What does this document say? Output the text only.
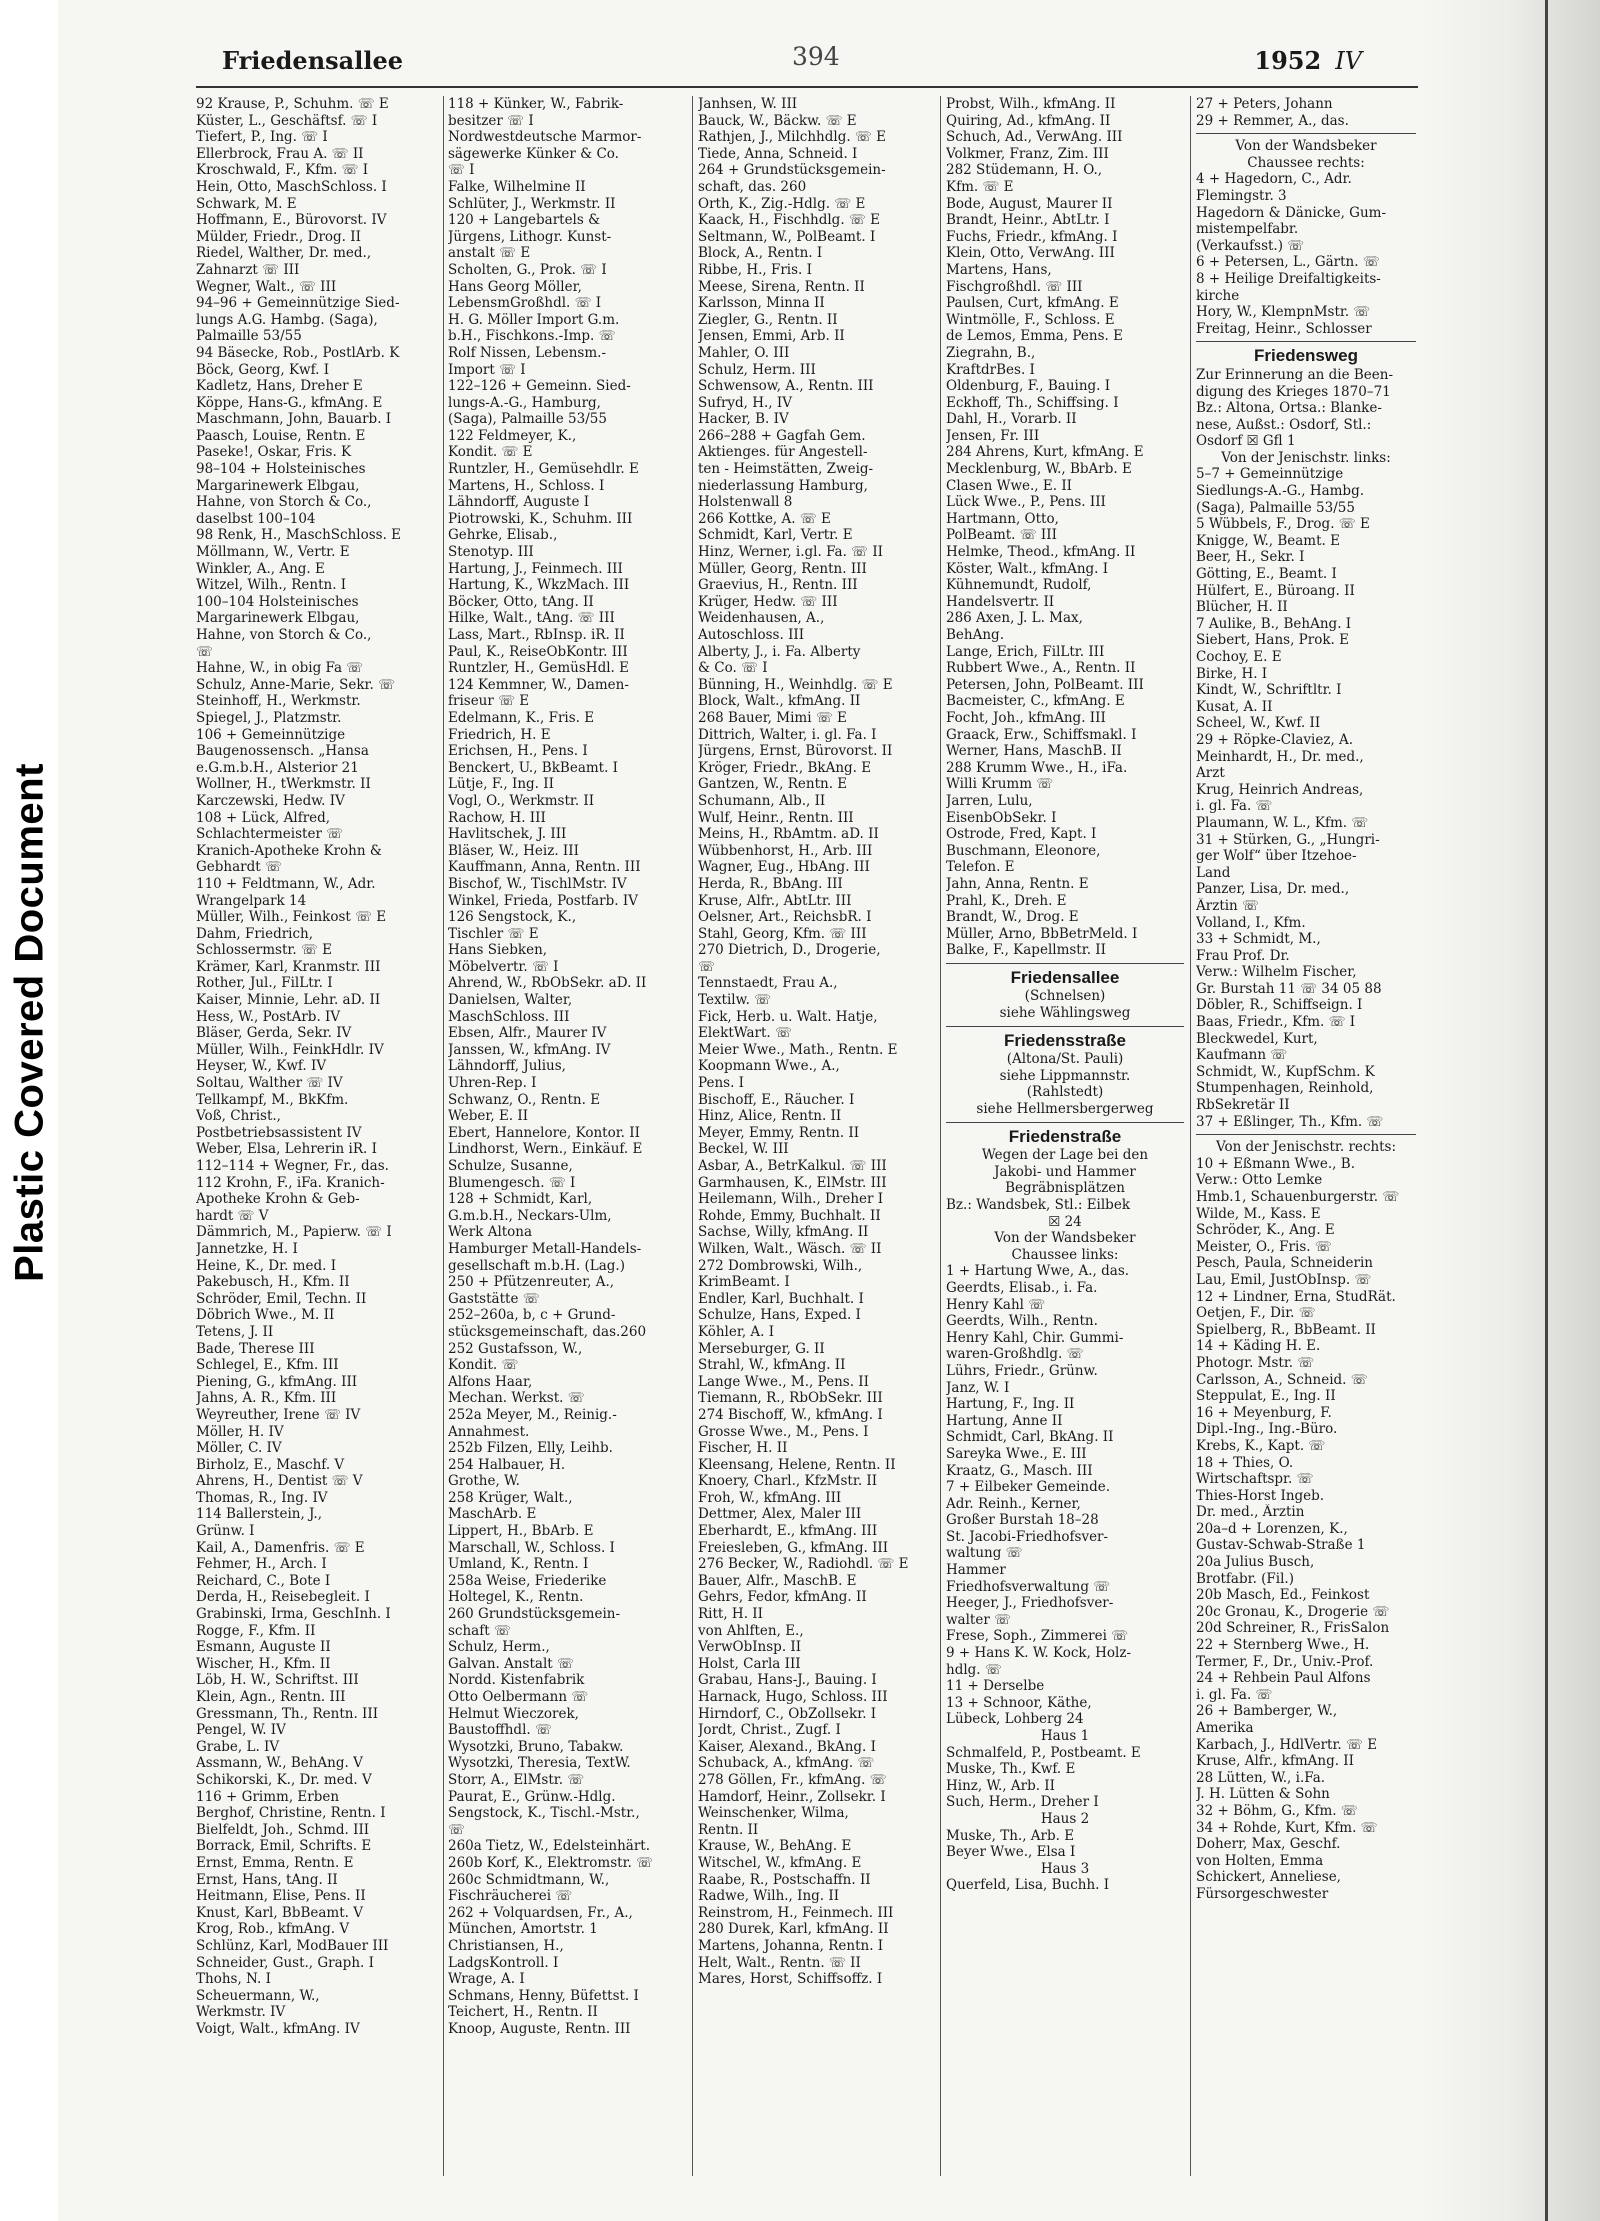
Plastic Covered Document
Friedensallee	394	1952 IV
92 Krause, P., Schuhm. ☏ E
Küster, L., Geschäftsf. ☏ I
Tiefert, P., Ing. ☏ I
Ellerbrock, Frau A. ☏ II
Kroschwald, F., Kfm. ☏ I
Hein, Otto, MaschSchloss. I
Schwark, M. E
Hoffmann, E., Bürovorst. IV
Mülder, Friedr., Drog. II
Riedel, Walther, Dr. med.,
Zahnarzt ☏ III
Wegner, Walt., ☏ III
94–96 + Gemeinnützige Sied-
lungs A.G. Hambg. (Saga),
Palmaille 53/55
94 Bäsecke, Rob., PostlArb. K
Böck, Georg, Kwf. I
Kadletz, Hans, Dreher E
Köppe, Hans-G., kfmAng. E
Maschmann, John, Bauarb. I
Paasch, Louise, Rentn. E
Paseke!, Oskar, Fris. K
98–104 + Holsteinisches
Margarinewerk Elbgau,
Hahne, von Storch & Co.,
daselbst 100–104
98 Renk, H., MaschSchloss. E
Möllmann, W., Vertr. E
Winkler, A., Ang. E
Witzel, Wilh., Rentn. I
100–104 Holsteinisches
Margarinewerk Elbgau,
Hahne, von Storch & Co.,
☏
Hahne, W., in obig Fa ☏
Schulz, Anne-Marie, Sekr. ☏
Steinhoff, H., Werkmstr.
Spiegel, J., Platzmstr.
106 + Gemeinnützige
Baugenossensch. „Hansa
e.G.m.b.H., Alsterior 21
Wollner, H., tWerkmstr. II
Karczewski, Hedw. IV
108 + Lück, Alfred,
Schlachtermeister ☏
Kranich-Apotheke Krohn &
Gebhardt ☏
110 + Feldtmann, W., Adr.
Wrangelpark 14
Müller, Wilh., Feinkost ☏ E
Dahm, Friedrich,
Schlossermstr. ☏ E
Krämer, Karl, Kranmstr. III
Rother, Jul., FilLtr. I
Kaiser, Minnie, Lehr. aD. II
Hess, W., PostArb. IV
Bläser, Gerda, Sekr. IV
Müller, Wilh., FeinkHdlr. IV
Heyser, W., Kwf. IV
Soltau, Walther ☏ IV
Tellkampf, M., BkKfm.
Voß, Christ.,
Postbetriebsassistent IV
Weber, Elsa, Lehrerin iR. I
112–114 + Wegner, Fr., das.
112 Krohn, F., iFa. Kranich-
Apotheke Krohn & Geb-
hardt ☏ V
Dämmrich, M., Papierw. ☏ I
Jannetzke, H. I
Heine, K., Dr. med. I
Pakebusch, H., Kfm. II
Schröder, Emil, Techn. II
Döbrich Wwe., M. II
Tetens, J. II
Bade, Therese III
Schlegel, E., Kfm. III
Piening, G., kfmAng. III
Jahns, A. R., Kfm. III
Weyreuther, Irene ☏ IV
Möller, H. IV
Möller, C. IV
Birholz, E., Maschf. V
Ahrens, H., Dentist ☏ V
Thomas, R., Ing. IV
114 Ballerstein, J.,
Grünw. I
Kail, A., Damenfris. ☏ E
Fehmer, H., Arch. I
Reichard, C., Bote I
Derda, H., Reisebegleit. I
Grabinski, Irma, GeschInh. I
Rogge, F., Kfm. II
Esmann, Auguste II
Wischer, H., Kfm. II
Löb, H. W., Schriftst. III
Klein, Agn., Rentn. III
Gressmann, Th., Rentn. III
Pengel, W. IV
Grabe, L. IV
Assmann, W., BehAng. V
Schikorski, K., Dr. med. V
116 + Grimm, Erben
Berghof, Christine, Rentn. I
Bielfeldt, Joh., Schmd. III
Borrack, Emil, Schrifts. E
Ernst, Emma, Rentn. E
Ernst, Hans, tAng. II
Heitmann, Elise, Pens. II
Knust, Karl, BbBeamt. V
Krog, Rob., kfmAng. V
Schlünz, Karl, ModBauer III
Schneider, Gust., Graph. I
Thohs, N. I
Scheuermann, W.,
Werkmstr. IV
Voigt, Walt., kfmAng. IV
118 + Künker, W., Fabrik-
besitzer ☏ I
Nordwestdeutsche Marmor-
sägewerke Künker & Co.
☏ I
Falke, Wilhelmine II
Schlüter, J., Werkmstr. II
120 + Langebartels &
Jürgens, Lithogr. Kunst-
anstalt ☏ E
Scholten, G., Prok. ☏ I
Hans Georg Möller,
LebensmGroßhdl. ☏ I
H. G. Möller Import G.m.
b.H., Fischkons.-Imp. ☏
Rolf Nissen, Lebensm.-
Import ☏ I
122–126 + Gemeinn. Sied-
lungs-A.-G., Hamburg,
(Saga), Palmaille 53/55
122 Feldmeyer, K.,
Kondit. ☏ E
Runtzler, H., Gemüsehdlr. E
Martens, H., Schloss. I
Lähndorff, Auguste I
Piotrowski, K., Schuhm. III
Gehrke, Elisab.,
Stenotyp. III
Hartung, J., Feinmech. III
Hartung, K., WkzMach. III
Böcker, Otto, tAng. II
Hilke, Walt., tAng. ☏ III
Lass, Mart., RbInsp. iR. II
Paul, K., ReiseObKontr. III
Runtzler, H., GemüsHdl. E
124 Kemmner, W., Damen-
friseur ☏ E
Edelmann, K., Fris. E
Friedrich, H. E
Erichsen, H., Pens. I
Benckert, U., BkBeamt. I
Lütje, F., Ing. II
Vogl, O., Werkmstr. II
Rachow, H. III
Havlitschek, J. III
Bläser, W., Heiz. III
Kauffmann, Anna, Rentn. III
Bischof, W., TischlMstr. IV
Winkel, Frieda, Postfarb. IV
126 Sengstock, K.,
Tischler ☏ E
Hans Siebken,
Möbelvertr. ☏ I
Ahrend, W., RbObSekr. aD. II
Danielsen, Walter,
MaschSchloss. III
Ebsen, Alfr., Maurer IV
Janssen, W., kfmAng. IV
Lähndorff, Julius,
Uhren-Rep. I
Schwanz, O., Rentn. E
Weber, E. II
Ebert, Hannelore, Kontor. II
Lindhorst, Wern., Einkäuf. E
Schulze, Susanne,
Blumengesch. ☏ I
128 + Schmidt, Karl,
G.m.b.H., Neckars-Ulm,
Werk Altona
Hamburger Metall-Handels-
gesellschaft m.b.H. (Lag.)
250 + Pfützenreuter, A.,
Gaststätte ☏
252–260a, b, c + Grund-
stücksgemeinschaft, das.260
252 Gustafsson, W.,
Kondit. ☏
Alfons Haar,
Mechan. Werkst. ☏
252a Meyer, M., Reinig.-
Annahmest.
252b Filzen, Elly, Leihb.
254 Halbauer, H.
Grothe, W.
258 Krüger, Walt.,
MaschArb. E
Lippert, H., BbArb. E
Marschall, W., Schloss. I
Umland, K., Rentn. I
258a Weise, Friederike
Holtegel, K., Rentn.
260 Grundstücksgemein-
schaft ☏
Schulz, Herm.,
Galvan. Anstalt ☏
Nordd. Kistenfabrik
Otto Oelbermann ☏
Helmut Wieczorek,
Baustoffhdl. ☏
Wysotzki, Bruno, Tabakw.
Wysotzki, Theresia, TextW.
Storr, A., ElMstr. ☏
Paurat, E., Grünw.-Hdlg.
Sengstock, K., Tischl.-Mstr.,
☏
260a Tietz, W., Edelsteinhärt.
260b Korf, K., Elektromstr. ☏
260c Schmidtmann, W.,
Fischräucherei ☏
262 + Volquardsen, Fr., A.,
München, Amortstr. 1
Christiansen, H.,
LadgsKontroll. I
Wrage, A. I
Schmans, Henny, Büfettst. I
Teichert, H., Rentn. II
Knoop, Auguste, Rentn. III
Janhsen, W. III
Bauck, W., Bäckw. ☏ E
Rathjen, J., Milchhdlg. ☏ E
Tiede, Anna, Schneid. I
264 + Grundstücksgemein-
schaft, das. 260
Orth, K., Zig.-Hdlg. ☏ E
Kaack, H., Fischhdlg. ☏ E
Seltmann, W., PolBeamt. I
Block, A., Rentn. I
Ribbe, H., Fris. I
Meese, Sirena, Rentn. II
Karlsson, Minna II
Ziegler, G., Rentn. II
Jensen, Emmi, Arb. II
Mahler, O. III
Schulz, Herm. III
Schwensow, A., Rentn. III
Sufryd, H., IV
Hacker, B. IV
266–288 + Gagfah Gem.
Aktienges. für Angestell-
ten - Heimstätten, Zweig-
niederlassung Hamburg,
Holstenwall 8
266 Kottke, A. ☏ E
Schmidt, Karl, Vertr. E
Hinz, Werner, i.gl. Fa. ☏ II
Müller, Georg, Rentn. III
Graevius, H., Rentn. III
Krüger, Hedw. ☏ III
Weidenhausen, A.,
Autoschloss. III
Alberty, J., i. Fa. Alberty
& Co. ☏ I
Bünning, H., Weinhdlg. ☏ E
Block, Walt., kfmAng. II
268 Bauer, Mimi ☏ E
Dittrich, Walter, i. gl. Fa. I
Jürgens, Ernst, Bürovorst. II
Kröger, Friedr., BkAng. E
Gantzen, W., Rentn. E
Schumann, Alb., II
Wulf, Heinr., Rentn. III
Meins, H., RbAmtm. aD. II
Wübbenhorst, H., Arb. III
Wagner, Eug., HbAng. III
Herda, R., BbAng. III
Kruse, Alfr., AbtLtr. III
Oelsner, Art., ReichsbR. I
Stahl, Georg, Kfm. ☏ III
270 Dietrich, D., Drogerie,
☏
Tennstaedt, Frau A.,
Textilw. ☏
Fick, Herb. u. Walt. Hatje,
ElektWart. ☏
Meier Wwe., Math., Rentn. E
Koopmann Wwe., A.,
Pens. I
Bischoff, E., Räucher. I
Hinz, Alice, Rentn. II
Meyer, Emmy, Rentn. II
Beckel, W. III
Asbar, A., BetrKalkul. ☏ III
Garmhausen, K., ElMstr. III
Heilemann, Wilh., Dreher I
Rohde, Emmy, Buchhalt. II
Sachse, Willy, kfmAng. II
Wilken, Walt., Wäsch. ☏ II
272 Dombrowski, Wilh.,
KrimBeamt. I
Endler, Karl, Buchhalt. I
Schulze, Hans, Exped. I
Köhler, A. I
Merseburger, G. II
Strahl, W., kfmAng. II
Lange Wwe., M., Pens. II
Tiemann, R., RbObSekr. III
274 Bischoff, W., kfmAng. I
Grosse Wwe., M., Pens. I
Fischer, H. II
Kleensang, Helene, Rentn. II
Knoery, Charl., KfzMstr. II
Froh, W., kfmAng. III
Dettmer, Alex, Maler III
Eberhardt, E., kfmAng. III
Freiesleben, G., kfmAng. III
276 Becker, W., Radiohdl. ☏ E
Bauer, Alfr., MaschB. E
Gehrs, Fedor, kfmAng. II
Ritt, H. II
von Ahlften, E.,
VerwObInsp. II
Holst, Carla III
Grabau, Hans-J., Bauing. I
Harnack, Hugo, Schloss. III
Hirndorf, C., ObZollsekr. I
Jordt, Christ., Zugf. I
Kaiser, Alexand., BkAng. I
Schuback, A., kfmAng. ☏
278 Göllen, Fr., kfmAng. ☏
Hamdorf, Heinr., Zollsekr. I
Weinschenker, Wilma,
Rentn. II
Krause, W., BehAng. E
Witschel, W., kfmAng. E
Raabe, R., Postschaffn. II
Radwe, Wilh., Ing. II
Reinstrom, H., Feinmech. III
280 Durek, Karl, kfmAng. II
Martens, Johanna, Rentn. I
Helt, Walt., Rentn. ☏ II
Mares, Horst, Schiffsoffz. I
Probst, Wilh., kfmAng. II
Quiring, Ad., kfmAng. II
Schuch, Ad., VerwAng. III
Volkmer, Franz, Zim. III
282 Stüdemann, H. O.,
Kfm. ☏ E
Bode, August, Maurer II
Brandt, Heinr., AbtLtr. I
Fuchs, Friedr., kfmAng. I
Klein, Otto, VerwAng. III
Martens, Hans,
Fischgroßhdl. ☏ III
Paulsen, Curt, kfmAng. E
Wintmölle, F., Schloss. E
de Lemos, Emma, Pens. E
Ziegrahn, B.,
KraftdrBes. I
Oldenburg, F., Bauing. I
Eckhoff, Th., Schiffsing. I
Dahl, H., Vorarb. II
Jensen, Fr. III
284 Ahrens, Kurt, kfmAng. E
Mecklenburg, W., BbArb. E
Clasen Wwe., E. II
Lück Wwe., P., Pens. III
Hartmann, Otto,
PolBeamt. ☏ III
Helmke, Theod., kfmAng. II
Köster, Walt., kfmAng. I
Kühnemundt, Rudolf,
Handelsvertr. II
286 Axen, J. L. Max,
BehAng.
Lange, Erich, FilLtr. III
Rubbert Wwe., A., Rentn. II
Petersen, John, PolBeamt. III
Bacmeister, C., kfmAng. E
Focht, Joh., kfmAng. III
Graack, Erw., Schiffsmakl. I
Werner, Hans, MaschB. II
288 Krumm Wwe., H., iFa.
Willi Krumm ☏
Jarren, Lulu,
EisenbObSekr. I
Ostrode, Fred, Kapt. I
Buschmann, Eleonore,
Telefon. E
Jahn, Anna, Rentn. E
Prahl, K., Dreh. E
Brandt, W., Drog. E
Müller, Arno, BbBetrMeld. I
Balke, F., Kapellmstr. II
Friedensallee
(Schnelsen)
siehe Wählingsweg
Friedensstraße
(Altona/St. Pauli)
siehe Lippmannstr.
(Rahlstedt)
siehe Hellmersbergerweg
Friedenstraße
Wegen der Lage bei den
Jakobi- und Hammer
Begräbnisplätzen
Bz.: Wandsbek, Stl.: Eilbek
☒ 24
Von der Wandsbeker
Chaussee links:
1 + Hartung Wwe, A., das.
Geerdts, Elisab., i. Fa.
Henry Kahl ☏
Geerdts, Wilh., Rentn.
Henry Kahl, Chir. Gummi-
waren-Großhdlg. ☏
Lührs, Friedr., Grünw.
Janz, W. I
Hartung, F., Ing. II
Hartung, Anne II
Schmidt, Carl, BkAng. II
Sareyka Wwe., E. III
Kraatz, G., Masch. III
7 + Eilbeker Gemeinde.
Adr. Reinh., Kerner,
Großer Burstah 18–28
St. Jacobi-Friedhofsver-
waltung ☏
Hammer
Friedhofsverwaltung ☏
Heeger, J., Friedhofsver-
walter ☏
Frese, Soph., Zimmerei ☏
9 + Hans K. W. Kock, Holz-
hdlg. ☏
11 + Derselbe
13 + Schnoor, Käthe,
Lübeck, Lohberg 24
Haus 1
Schmalfeld, P., Postbeamt. E
Muske, Th., Kwf. E
Hinz, W., Arb. II
Such, Herm., Dreher I
Haus 2
Muske, Th., Arb. E
Beyer Wwe., Elsa I
Haus 3
Querfeld, Lisa, Buchh. I
27 + Peters, Johann
29 + Remmer, A., das.
Von der Wandsbeker
Chaussee rechts:
4 + Hagedorn, C., Adr.
Flemingstr. 3
Hagedorn & Dänicke, Gum-
mistempelfabr.
(Verkaufsst.) ☏
6 + Petersen, L., Gärtn. ☏
8 + Heilige Dreifaltigkeits-
kirche
Hory, W., KlempnMstr. ☏
Freitag, Heinr., Schlosser
Friedensweg
Zur Erinnerung an die Been-
digung des Krieges 1870–71
Bz.: Altona, Ortsa.: Blanke-
nese, Außst.: Osdorf, Stl.:
Osdorf ☒ Gfl 1
Von der Jenischstr. links:
5–7 + Gemeinnützige
Siedlungs-A.-G., Hambg.
(Saga), Palmaille 53/55
5 Wübbels, F., Drog. ☏ E
Knigge, W., Beamt. E
Beer, H., Sekr. I
Götting, E., Beamt. I
Hülfert, E., Büroang. II
Blücher, H. II
7 Aulike, B., BehAng. I
Siebert, Hans, Prok. E
Cochoy, E. E
Birke, H. I
Kindt, W., Schriftltr. I
Kusat, A. II
Scheel, W., Kwf. II
29 + Röpke-Claviez, A.
Meinhardt, H., Dr. med.,
Arzt
Krug, Heinrich Andreas,
i. gl. Fa. ☏
Plaumann, W. L., Kfm. ☏
31 + Stürken, G., „Hungri-
ger Wolf“ über Itzehoe-
Land
Panzer, Lisa, Dr. med.,
Ärztin ☏
Volland, I., Kfm.
33 + Schmidt, M.,
Frau Prof. Dr.
Verw.: Wilhelm Fischer,
Gr. Burstah 11 ☏ 34 05 88
Döbler, R., Schiffseign. I
Baas, Friedr., Kfm. ☏ I
Bleckwedel, Kurt,
Kaufmann ☏
Schmidt, W., KupfSchm. K
Stumpenhagen, Reinhold,
RbSekretär II
37 + Eßlinger, Th., Kfm. ☏
Von der Jenischstr. rechts:
10 + Eßmann Wwe., B.
Verw.: Otto Lemke
Hmb.1, Schauenburgerstr. ☏
Wilde, M., Kass. E
Schröder, K., Ang. E
Meister, O., Fris. ☏
Pesch, Paula, Schneiderin
Lau, Emil, JustObInsp. ☏
12 + Lindner, Erna, StudRät.
Oetjen, F., Dir. ☏
Spielberg, R., BbBeamt. II
14 + Käding H. E.
Photogr. Mstr. ☏
Carlsson, A., Schneid. ☏
Steppulat, E., Ing. II
16 + Meyenburg, F.
Dipl.-Ing., Ing.-Büro.
Krebs, K., Kapt. ☏
18 + Thies, O.
Wirtschaftspr. ☏
Thies-Horst Ingeb.
Dr. med., Ärztin
20a–d + Lorenzen, K.,
Gustav-Schwab-Straße 1
20a Julius Busch,
Brotfabr. (Fil.)
20b Masch, Ed., Feinkost
20c Gronau, K., Drogerie ☏
20d Schreiner, R., FrisSalon
22 + Sternberg Wwe., H.
Termer, F., Dr., Univ.-Prof.
24 + Rehbein Paul Alfons
i. gl. Fa. ☏
26 + Bamberger, W.,
Amerika
Karbach, J., HdlVertr. ☏ E
Kruse, Alfr., kfmAng. II
28 Lütten, W., i.Fa.
J. H. Lütten & Sohn
32 + Böhm, G., Kfm. ☏
34 + Rohde, Kurt, Kfm. ☏
Doherr, Max, Geschf.
von Holten, Emma
Schickert, Anneliese,
Fürsorgeschwester
